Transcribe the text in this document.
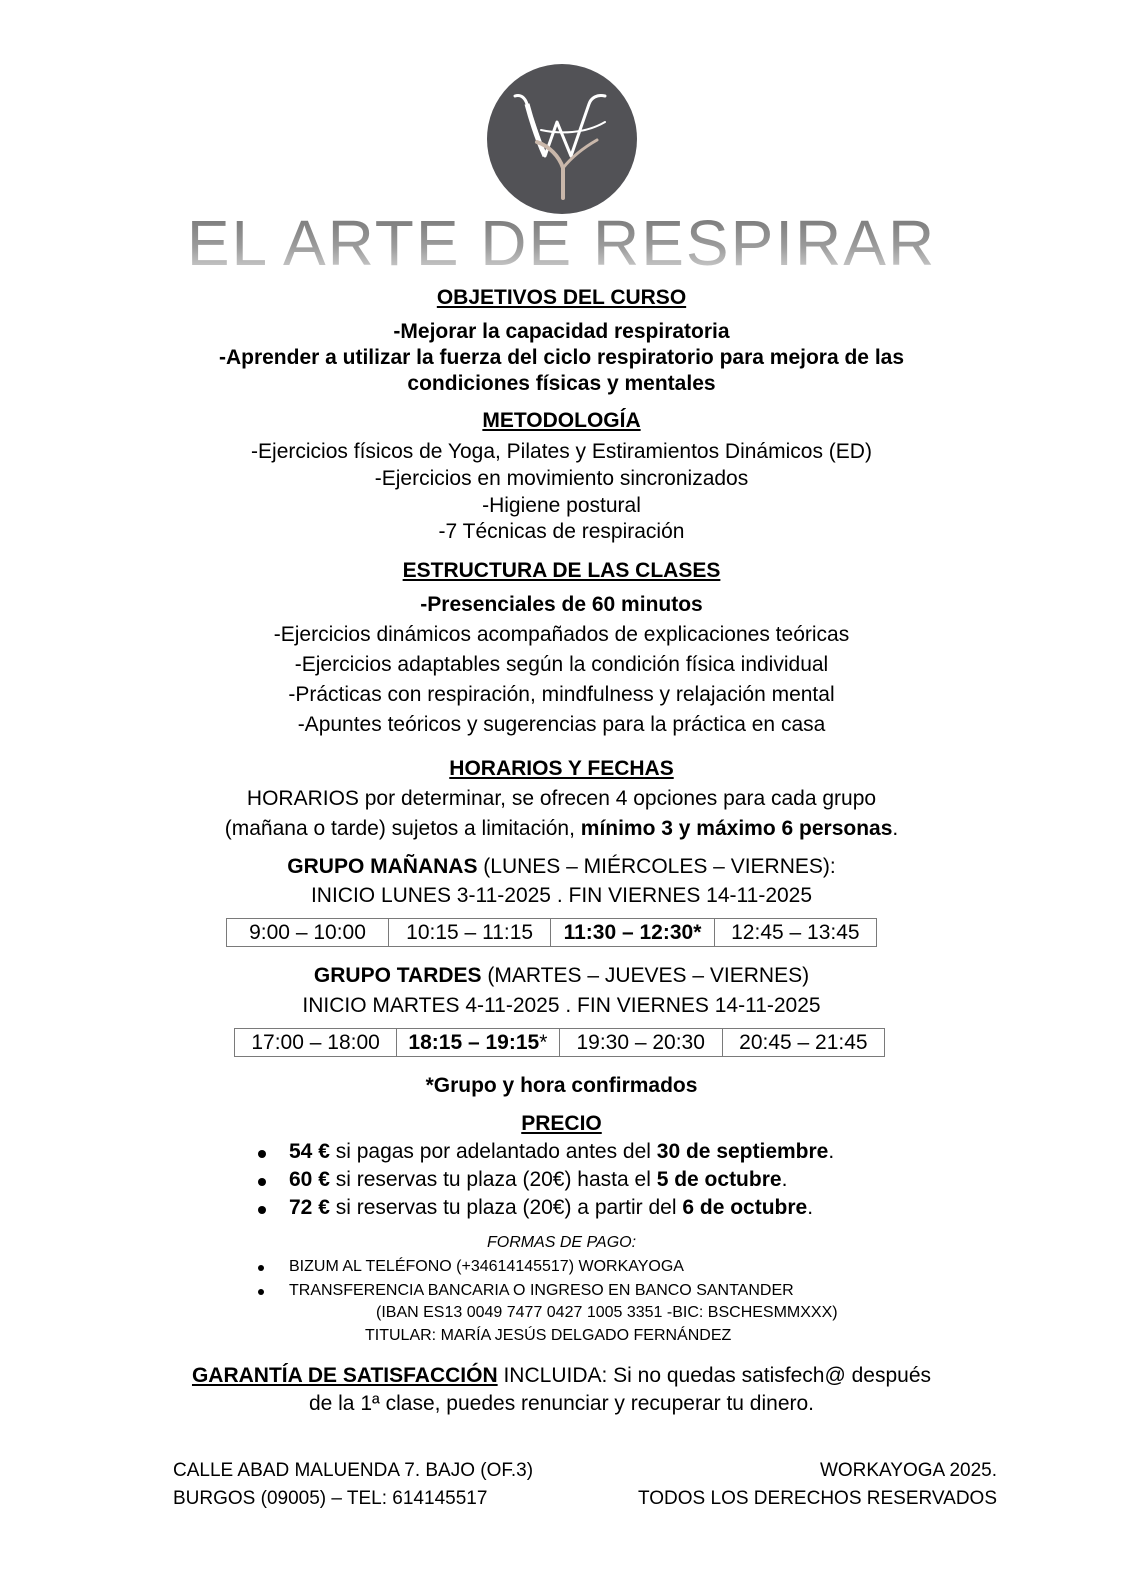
EL ARTE DE RESPIRAR
OBJETIVOS DEL CURSO
-Mejorar la capacidad respiratoria
-Aprender a utilizar la fuerza del ciclo respiratorio para mejora de las
condiciones físicas y mentales
METODOLOGÍA
-Ejercicios físicos de Yoga, Pilates y Estiramientos Dinámicos (ED)
-Ejercicios en movimiento sincronizados
-Higiene postural
-7 Técnicas de respiración
ESTRUCTURA DE LAS CLASES
-Presenciales de 60 minutos
-Ejercicios dinámicos acompañados de explicaciones teóricas
-Ejercicios adaptables según la condición física individual
-Prácticas con respiración, mindfulness y relajación mental
-Apuntes teóricos y sugerencias para la práctica en casa
HORARIOS Y FECHAS
HORARIOS por determinar, se ofrecen 4 opciones para cada grupo
(mañana o tarde) sujetos a limitación, mínimo 3 y máximo 6 personas.
GRUPO MAÑANAS (LUNES – MIÉRCOLES – VIERNES):
INICIO LUNES 3-11-2025 . FIN VIERNES 14-11-2025
9:00 – 10:00	10:15 – 11:15	11:30 – 12:30*	12:45 – 13:45
GRUPO TARDES (MARTES – JUEVES – VIERNES)
INICIO MARTES 4-11-2025 . FIN VIERNES 14-11-2025
17:00 – 18:00	18:15 – 19:15*	19:30 – 20:30	20:45 – 21:45
*Grupo y hora confirmados
PRECIO
54 € si pagas por adelantado antes del 30 de septiembre.
60 € si reservas tu plaza (20€) hasta el 5 de octubre.
72 € si reservas tu plaza (20€) a partir del 6 de octubre.
FORMAS DE PAGO:
BIZUM AL TELÉFONO (+34614145517) WORKAYOGA
TRANSFERENCIA BANCARIA O INGRESO EN BANCO SANTANDER
(IBAN ES13 0049 7477 0427 1005 3351 -BIC: BSCHESMMXXX)
TITULAR: MARÍA JESÚS DELGADO FERNÁNDEZ
GARANTÍA DE SATISFACCIÓN INCLUIDA: Si no quedas satisfech@ después
de la 1ª clase, puedes renunciar y recuperar tu dinero.
CALLE ABAD MALUENDA 7. BAJO (OF.3)
BURGOS (09005) – TEL: 614145517
WORKAYOGA 2025.
TODOS LOS DERECHOS RESERVADOS
